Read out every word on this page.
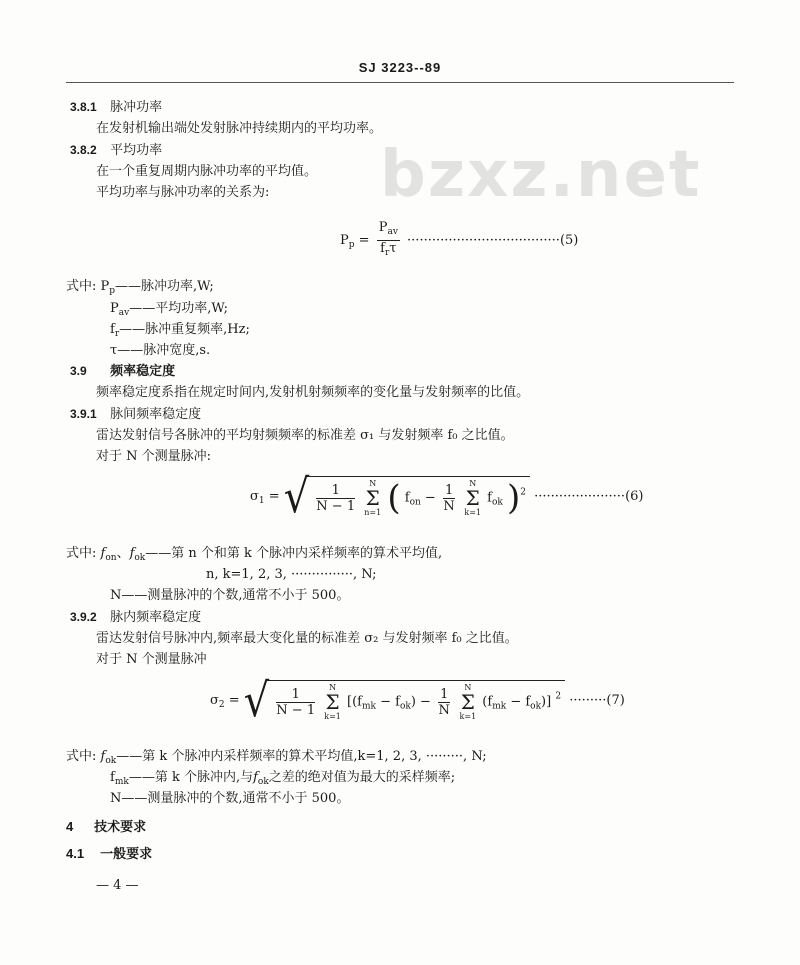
SJ 3223--89
bzxz.net
3.8.1 脉冲功率
在发射机输出端处发射脉冲持续期内的平均功率。
3.8.2 平均功率
在一个重复周期内脉冲功率的平均值。
平均功率与脉冲功率的关系为:
$P_p = \frac{P_{av}}{f_r\tau} \cdot\cdot\cdot\cdot\cdot\cdot\cdot\cdot\cdot\cdot\cdot\cdot\cdot\cdot\cdot\cdot\cdot\cdot\cdot\cdot\cdot\cdot\cdot\cdot\cdot\cdot\cdot\cdot\cdot\cdot\cdot\cdot\cdot\cdot\cdot\cdot\cdot(5)$
式中: $P_p——$脉冲功率,W;
$P_{av}——$平均功率,W;
$f_r——$脉冲重复频率,Hz;
τ——脉冲宽度,s.
3.9 频率稳定度
频率稳定度系指在规定时间内,发射机射频频率的变化量与发射频率的比值。
3.9.1 脉间频率稳定度
雷达发射信号各脉冲的平均射频频率的标准差 σ₁ 与发射频率 f₀ 之比值。
对于 N 个测量脉冲:
$\sigma_1$ = √ $\frac{1}{N - 1}$
	N
Σ
n=1 ( $f_{on} - \frac{1}{N}$
	N
Σ
k=1
$f_{ok}$ )$^2$ ······················(6)
式中: $f_{on}$、$f_{ok}——$第 n 个和第 k 个脉冲内采样频率的算术平均值,
n, k=1, 2, 3, ···············, N;
N——测量脉冲的个数,通常不小于 500。
3.9.2 脉内频率稳定度
雷达发射信号脉冲内,频率最大变化量的标准差 σ₂ 与发射频率 f₀ 之比值。
对于 N 个测量脉冲
$\sigma_2$ = √ $\frac{1}{N - 1}$
	N
Σ
k=1
[$(f_{mk} - f_{ok}) - \frac{1}{N}$
	N
Σ
k=1
$(f_{mk} - f_{ok})$] $^2$ ·········(7)
式中: $f_{ok}——$第 k 个脉冲内采样频率的算术平均值,k=1, 2, 3, ·········, N;
$f_{mk}——$第 k 个脉冲内,与$f_{ok}$之差的绝对值为最大的采样频率;
N——测量脉冲的个数,通常不小于 500。
4 技术要求
4.1 一般要求
— 4 —
